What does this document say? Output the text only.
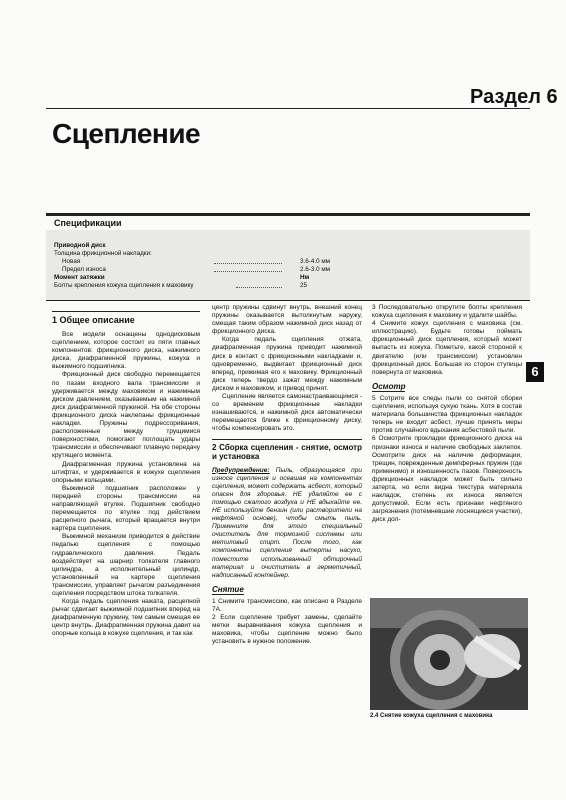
Раздел 6
Сцепление
Спецификации
Приводной диск
Толщина фрикционной накладки:
Новая	3.6-4.0 мм
Предел износа	2.6-3.0 мм
Момент затяжки	Нм
Болты крепления кожуха сцепления к маховику	25
1 Общее описание

Все модели оснащены однодисковым сцеплением, которое состоит из пяти главных компонентов: фрикционного диска, нажимного диска, диафрагменной пружины, кожуха и выжимного подшипника.

Фрикционный диск свободно перемещается по пазам входного вала трансмиссии и удерживается между маховиком и нажимным диском давлением, оказываемым на нажимной диск диафрагменной пружиной. На обе стороны фрикционного диска наклепаны фрикционные накладки. Пружины подрессоривания, расположенные между трущимися поверхностями, помогают поглощать удары трансмиссии и обеспечивают плавную передачу крутящего момента.

Диафрагменная пружина установлена на штифтах, и удерживается в кожухе сцепления опорными кольцами.

Выжимной подшипник расположен у передней стороны трансмиссии на направляющей втулке. Подшипник свободно перемещается по втулке под действием расцепного рычага, который вращается внутри картера сцепления.

Выжимной механизм приводится в действие педалью сцепления с помощью гидравлического давления. Педаль воздействует на шарнир толкателя главного цилиндра, а исполнительный цилиндр, установленный на картере сцепления трансмиссии, управляет рычагом разъединения сцепления посредством штока толкателя.

Когда педаль сцепления нажата, расцепной рычаг сдвигает выжимной подшипник вперед на диафрагменную пружину, тем самым смещая ее центр внутрь. Диафрагменная пружина давит на опорные кольца в кожухе сцепления, и так как

центр пружины сдвинут внутрь, внешний конец пружины оказывается вытолкнутым наружу, смещая таким образом нажимной диск назад от фрикционного диска.

Когда педаль сцепления отжата, диафрагменная пружина приводит нажимной диск в контакт с фрикционными накладками и, одновременно, выдвигает фрикционный диск вперед, прижимая его к маховику. Фрикционный диск теперь твердо зажат между нажимным диском и маховиком, и привод принят.

Сцепление является самонастраивающимся - со временем фрикционные накладки изнашиваются, и нажимной диск автоматически перемещается ближе к фрикционному диску, чтобы компенсировать это.

2 Сборка сцепления - снятие, осмотр и установка

Предупреждение: Пыль, образующаяся при износе сцепления и осевшая на компонентах сцепления, может содержать асбест, который опасен для здоровья. НЕ удаляйте ее с помощью сжатого воздуха и НЕ вдыхайте ее. НЕ используйте бензин (или растворители на нефтяной основе), чтобы смыть пыль. Примените для этого специальный очиститель для тормозной системы или метиловый спирт. После того, как компоненты сцепления вытерты насухо, поместите использованный обтирочный материал и очиститель в герметичный, надписанный контейнер.

Снятие

1 Снимите трансмиссию, как описано в Разделе 7А.

2 Если сцепление требует замены, сделайте метки выравнивания кожуха сцепления и маховика, чтобы сцепление можно было установить в нужное положение.

3 Последовательно открутите болты крепления кожуха сцепления к маховику и удалите шайбы.

4 Снимите кожух сцепления с маховика (см. иллюстрацию). Будьте готовы поймать фрикционный диск сцепления, который может выпасть из кожуха. Пометьте, какой стороной к двигателю (или трансмиссии) установлен фрикционный диск. Большая из сторон ступицы повернута от маховика.

Осмотр

5 Сотрите все следы пыли со снятой сборки сцепления, используя сухую ткань. Хотя в состав материала большинства фрикционных накладок теперь не входит асбест, лучше принять меры против случайного вдыхания асбестовой пыли.

6 Осмотрите прокладки фрикционного диска на признаки износа и наличие свободных заклепок. Осмотрите диск на наличие деформации, трещин, поврежденные демпферных пружин (где применимо) и изношенность пазов. Поверхность фрикционных накладок может быть сильно затерта, но если видна текстура материала накладок, степень их износа является допустимой. Если есть признаки нефтяного загрязнения (потемневшие лоснящиеся участки), диск дол-

6
2.4 Снятие кожуха сцепления с маховика
